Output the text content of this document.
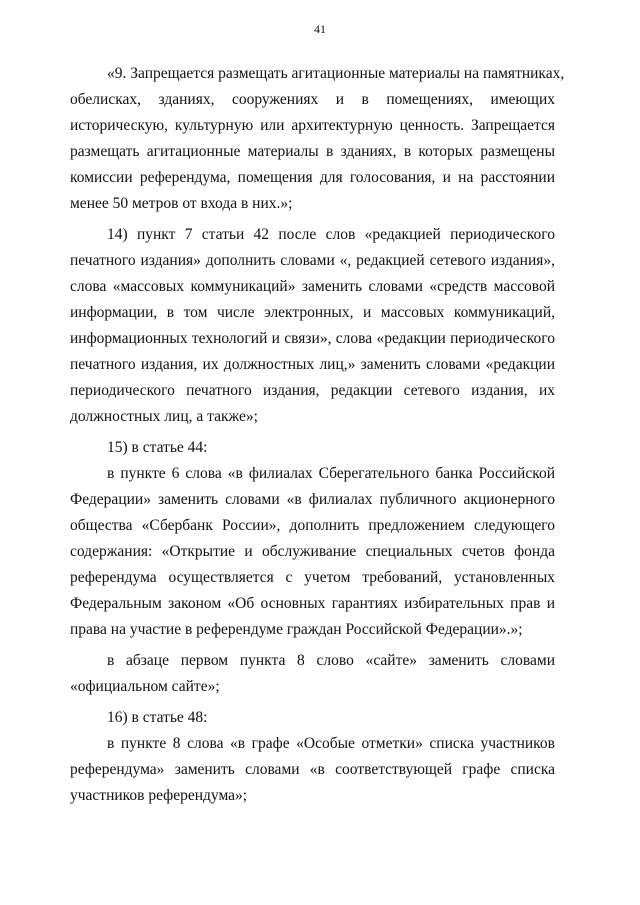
41
«9. Запрещается размещать агитационные материалы на памятниках,
обелисках, зданиях, сооружениях и в помещениях, имеющих
историческую, культурную или архитектурную ценность. Запрещается
размещать агитационные материалы в зданиях, в которых размещены
комиссии референдума, помещения для голосования, и на расстоянии
менее 50 метров от входа в них.»;
14) пункт 7 статьи 42 после слов «редакцией периодического
печатного издания» дополнить словами «, редакцией сетевого издания»,
слова «массовых коммуникаций» заменить словами «средств массовой
информации, в том числе электронных, и массовых коммуникаций,
информационных технологий и связи», слова «редакции периодического
печатного издания, их должностных лиц,» заменить словами «редакции
периодического печатного издания, редакции сетевого издания, их
должностных лиц, а также»;
15) в статье 44:
в пункте 6 слова «в филиалах Сберегательного банка Российской
Федерации» заменить словами «в филиалах публичного акционерного
общества «Сбербанк России», дополнить предложением следующего
содержания: «Открытие и обслуживание специальных счетов фонда
референдума осуществляется с учетом требований, установленных
Федеральным законом «Об основных гарантиях избирательных прав и
права на участие в референдуме граждан Российской Федерации».»;
в абзаце первом пункта 8 слово «сайте» заменить словами
«официальном сайте»;
16) в статье 48:
в пункте 8 слова «в графе «Особые отметки» списка участников
референдума» заменить словами «в соответствующей графе списка
участников референдума»;
